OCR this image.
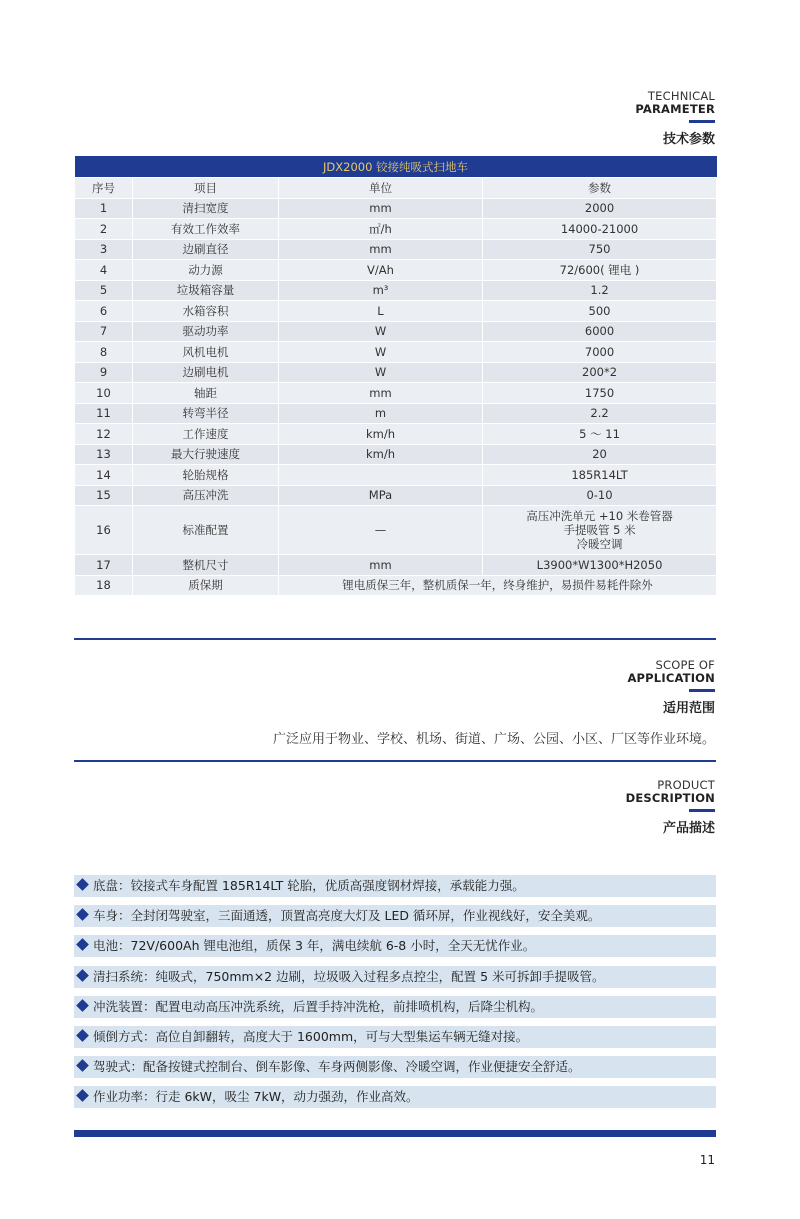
TECHNICAL
PARAMETER
技术参数
JDX2000 铰接纯吸式扫地车			
序号	项目	单位	参数
1	清扫宽度	mm	2000
2	有效工作效率	㎡/h	14000-21000
3	边刷直径	mm	750
4	动力源	V/Ah	72/600( 锂电 )
5	垃圾箱容量	m³	1.2
6	水箱容积	L	500
7	驱动功率	W	6000
8	风机电机	W	7000
9	边刷电机	W	200*2
10	轴距	mm	1750
11	转弯半径	m	2.2
12	工作速度	km/h	5 ～ 11
13	最大行驶速度	km/h	20
14	轮胎规格		185R14LT
15	高压冲洗	MPa	0-10
16	标准配置	—	高压冲洗单元 +10 米卷管器
手提吸管 5 米
冷暖空调

17	整机尺寸	mm	L3900*W1300*H2050
18	质保期	锂电质保三年，整机质保一年，终身维护，易损件易耗件除外	
SCOPE OF
APPLICATION
适用范围
广泛应用于物业、学校、机场、街道、广场、公园、小区、厂区等作业环境。
PRODUCT
DESCRIPTION
产品描述
底盘：铰接式车身配置 185R14LT 轮胎，优质高强度钢材焊接，承载能力强。
车身：全封闭驾驶室，三面通透，顶置高亮度大灯及 LED 循环屏，作业视线好，安全美观。
电池：72V/600Ah 锂电池组，质保 3 年，满电续航 6-8 小时，全天无忧作业。
清扫系统：纯吸式，750mm×2 边刷，垃圾吸入过程多点控尘，配置 5 米可拆卸手提吸管。
冲洗装置：配置电动高压冲洗系统，后置手持冲洗枪，前排喷机构，后降尘机构。
倾倒方式：高位自卸翻转，高度大于 1600mm，可与大型集运车辆无缝对接。
驾驶式：配备按键式控制台、倒车影像、车身两侧影像、冷暖空调，作业便捷安全舒适。
作业功率：行走 6kW，吸尘 7kW，动力强劲，作业高效。
11
